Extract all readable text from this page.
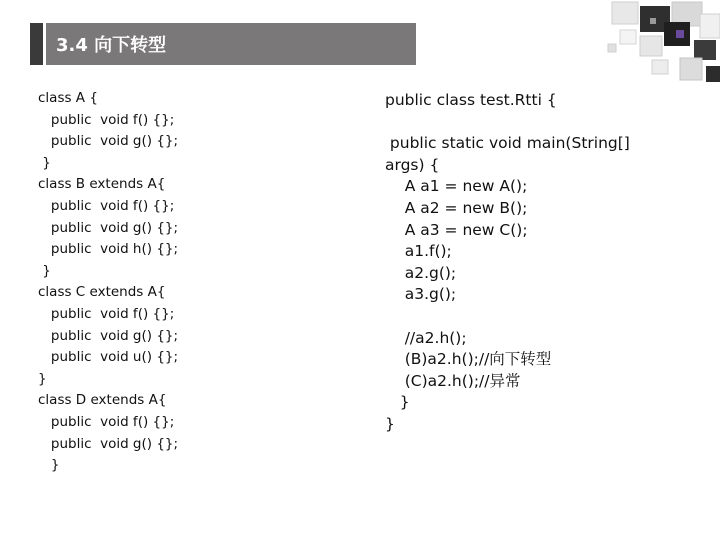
3.4 向下转型
class A {
public  void f() {};
public  void g() {};
}
class B extends A{
public  void f() {};
public  void g() {};
public  void h() {};
}
class C extends A{
public  void f() {};
public  void g() {};
public  void u() {};
}
class D extends A{
public  void f() {};
public  void g() {};
}
public class test.Rtti {
public static void main(String[]
args) {
A a1 = new A();
A a2 = new B();
A a3 = new C();
a1.f();
a2.g();
a3.g();
//a2.h();
(B)a2.h();//向下转型
(C)a2.h();//异常
}
}
